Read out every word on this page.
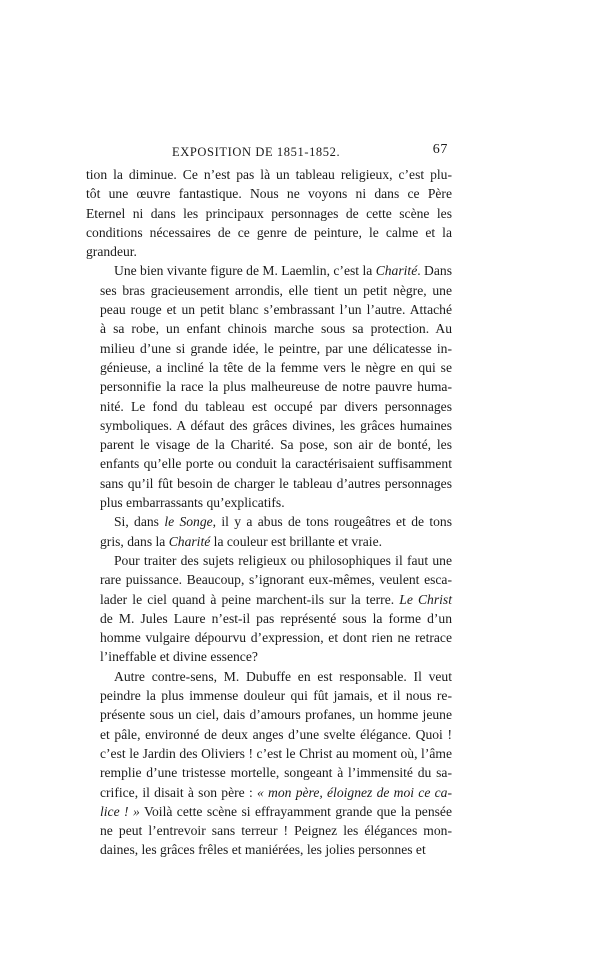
EXPOSITION DE 1851-1852.	67
tion la diminue. Ce n’est pas là un tableau religieux, c’est plu-
tôt une œuvre fantastique. Nous ne voyons ni dans ce Père
Eternel ni dans les principaux personnages de cette scène les
conditions nécessaires de ce genre de peinture, le calme et la
grandeur.
Une bien vivante figure de M. Laemlin, c’est la Charité. Dans
ses bras gracieusement arrondis, elle tient un petit nègre, une
peau rouge et un petit blanc s’embrassant l’un l’autre. Attaché
à sa robe, un enfant chinois marche sous sa protection. Au
milieu d’une si grande idée, le peintre, par une délicatesse in-
génieuse, a incliné la tête de la femme vers le nègre en qui se
personnifie la race la plus malheureuse de notre pauvre huma-
nité. Le fond du tableau est occupé par divers personnages
symboliques. A défaut des grâces divines, les grâces humaines
parent le visage de la Charité. Sa pose, son air de bonté, les
enfants qu’elle porte ou conduit la caractérisaient suffisamment
sans qu’il fût besoin de charger le tableau d’autres personnages
plus embarrassants qu’explicatifs.
Si, dans le Songe, il y a abus de tons rougeâtres et de tons
gris, dans la Charité la couleur est brillante et vraie.
Pour traiter des sujets religieux ou philosophiques il faut une
rare puissance. Beaucoup, s’ignorant eux-mêmes, veulent esca-
lader le ciel quand à peine marchent-ils sur la terre. Le Christ
de M. Jules Laure n’est-il pas représenté sous la forme d’un
homme vulgaire dépourvu d’expression, et dont rien ne retrace
l’ineffable et divine essence?
Autre contre-sens, M. Dubuffe en est responsable. Il veut
peindre la plus immense douleur qui fût jamais, et il nous re-
présente sous un ciel, dais d’amours profanes, un homme jeune
et pâle, environné de deux anges d’une svelte élégance. Quoi !
c’est le Jardin des Oliviers ! c’est le Christ au moment où, l’âme
remplie d’une tristesse mortelle, songeant à l’immensité du sa-
crifice, il disait à son père : « mon père, éloignez de moi ce ca-
lice ! » Voilà cette scène si effrayamment grande que la pensée
ne peut l’entrevoir sans terreur ! Peignez les élégances mon-
daines, les grâces frêles et maniérées, les jolies personnes et
